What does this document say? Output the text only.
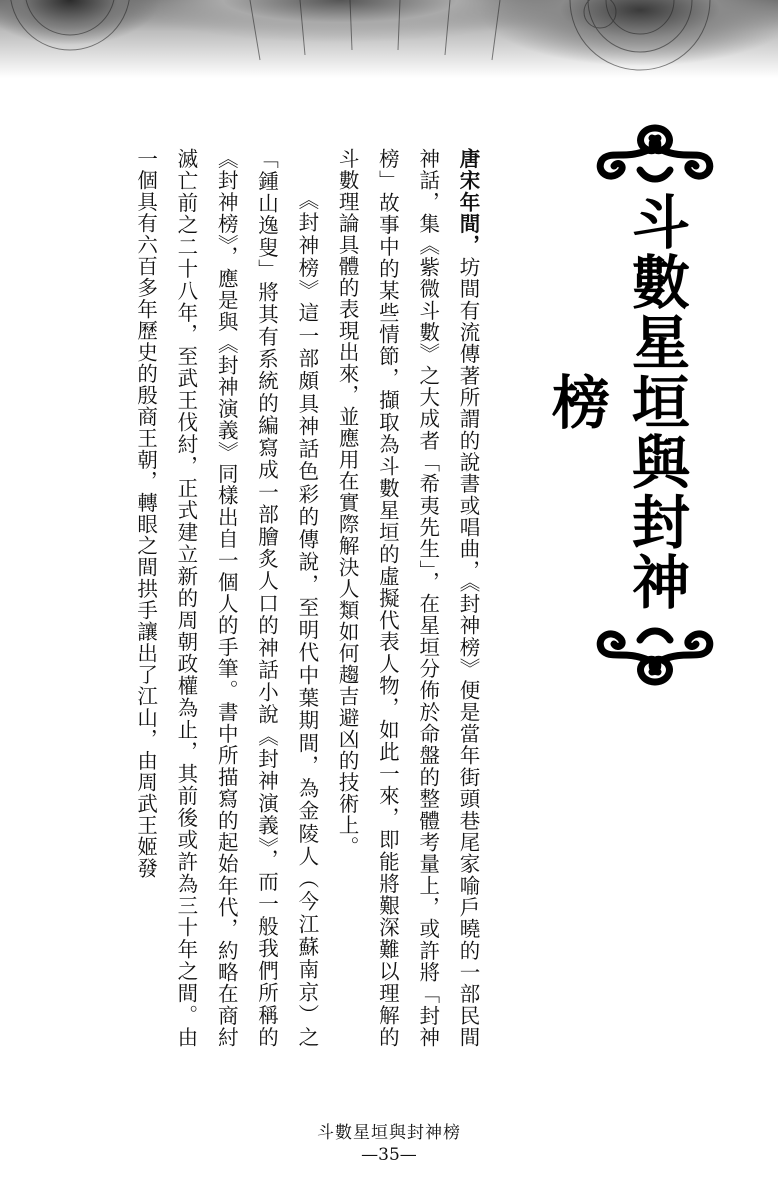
唐宋年間，坊間有流傳著所謂的說書或唱曲，《封神榜》便是當年街頭巷尾家喻戶曉的一部民間神話，集《紫微斗數》之大成者「希夷先生」，在星垣分佈於命盤的整體考量上，或許將「封神榜」故事中的某些情節，擷取為斗數星垣的虛擬代表人物，如此一來，即能將艱深難以理解的斗數理論具體的表現出來，並應用在實際解決人類如何趨吉避凶的技術上。

《封神榜》這一部頗具神話色彩的傳說，至明代中葉期間，為金陵人（今江蘇南京）之「鍾山逸叟」將其有系統的編寫成一部膾炙人口的神話小說《封神演義》，而一般我們所稱的《封神榜》，應是與《封神演義》同樣出自一個人的手筆。書中所描寫的起始年代，約略在商紂滅亡前之二十八年，至武王伐紂，正式建立新的周朝政權為止，其前後或許為三十年之間。由一個具有六百多年歷史的殷商王朝，轉眼之間拱手讓出了江山，由周武王姬發	斗數星垣與封神榜
斗數星垣與封神榜
—35—
